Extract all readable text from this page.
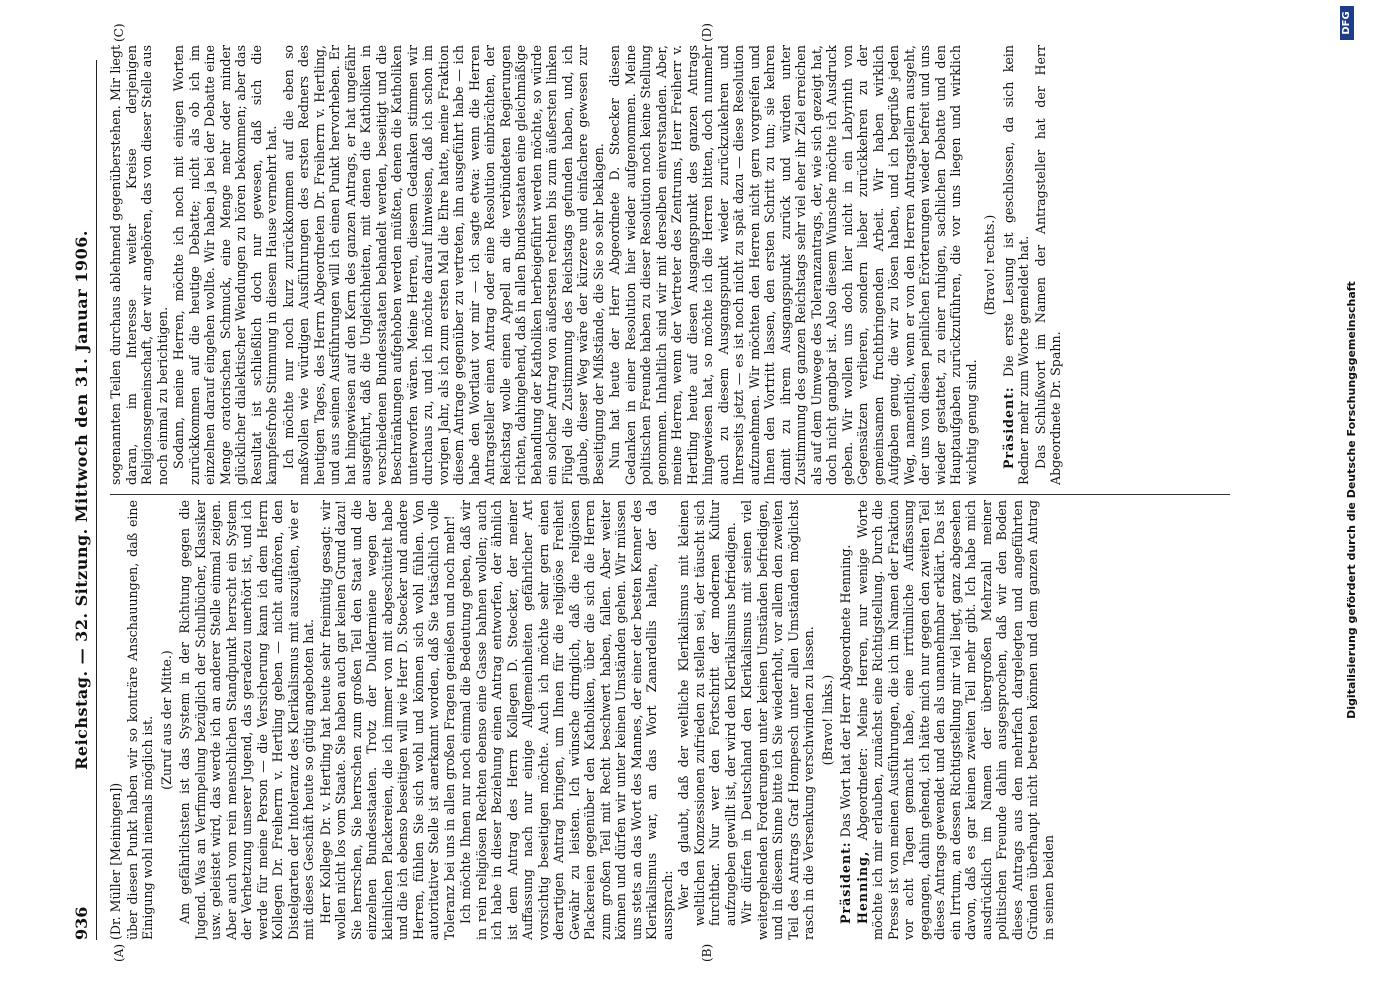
936
Reichstag. — 32. Sitzung. Mittwoch den 31. Januar 1906.
(A)	(B)
(C)	(D)

(Dr. Müller [Meiningen]) über diesen Punkt haben wir so konträre Anschauungen, daß eine Einigung wohl niemals möglich ist. (Zuruf aus der Mitte.) Am gefährlichsten ist das System in der Richtung gegen die Jugend. Was an Verfimpelung bezüglich der Schulbücher, Klassiker usw. geleistet wird, das werde ich an anderer Stelle einmal zeigen. Aber auch vom rein menschlichen Standpunkt herrscht ein System der Verhetzung unserer Jugend, das geradezu unerhört ist, und ich werde für meine Person — die Versicherung kann ich dem Herrn Kollegen Dr. Freiherrn v. Hertling geben — nicht aufhören, den Distelgarten der Intoleranz des Klerikalismus mit auszujäten, wie er mit dieses Geschäft heute so gütig angeboten hat. Herr Kollege Dr. v. Hertling hat heute sehr freimütig gesagt: wir wollen nicht los vom Staate. Sie haben auch gar keinen Grund dazu! Sie herrschen, Sie herrschen zum großen Teil den Staat und die einzelnen Bundesstaaten. Trotz der Duldermiene wegen der kleinlichen Plackereien, die ich immer von mit abgeschüttelt habe und die ich ebenso beseitigen will wie Herr D. Stoecker und andere Herren, fühlen Sie sich wohl und können sich wohl fühlen. Von autoritativer Stelle ist anerkannt worden, daß Sie tatsächlich volle Toleranz bei uns in allen großen Fragen genießen und noch mehr! Ich möchte Ihnen nur noch einmal die Bedeutung geben, daß wir in rein religiösen Rechten ebenso eine Gasse bahnen wollen; auch ich habe in dieser Beziehung einen Antrag entworfen, der ähnlich ist dem Antrag des Herrn Kollegen D. Stoecker, der meiner Auffassung nach nur einige Allgemeinheiten gefährlicher Art vorsichtig beseitigen möchte. Auch ich möchte sehr gern einen derartigen Antrag bringen, um Ihnen für die religiöse Freiheit Gewähr zu leisten. Ich wünsche dringlich, daß die religiösen Plackereien gegenüber den Katholiken, über die sich die Herren zum großen Teil mit Recht beschwert haben, fallen. Aber weiter können und dürfen wir unter keinen Umständen gehen. Wir müssen uns stets an das Wort des Mannes, der einer der besten Kenner des Klerikalismus war, an das Wort Zanardellis halten, der da aussprach: Wer da glaubt, daß der weltliche Klerikalismus mit kleinen weltlichen Konzessionen zufrieden zu stellen sei, der täuscht sich furchtbar. Nur wer den Fortschritt der modernen Kultur aufzugeben gewillt ist, der wird den Klerikalismus befriedigen. Wir dürfen in Deutschland den Klerikalismus mit seinen viel weitergehenden Forderungen unter keinen Umständen befriedigen, und in diesem Sinne bitte ich Sie wiederholt, vor allem den zweiten Teil des Antrags Graf Hompesch unter allen Umständen möglichst rasch in die Versenkung verschwinden zu lassen. (Bravo! links.)

Präsident: Das Wort hat der Herr Abgeordnete Henning.

Henning, Abgeordneter: Meine Herren, nur wenige Worte möchte ich mir erlauben, zunächst eine Richtigstellung. Durch die Presse ist von meinen Ausführungen, die ich im Namen der Fraktion vor acht Tagen gemacht habe, eine irrtümliche Auffassung gegangen, dahin gehend, ich hätte mich nur gegen den zweiten Teil dieses Antrags gewendet und den als unannehmbar erklärt. Das ist ein Irrtum, an dessen Richtigstellung mir viel liegt, ganz abgesehen davon, daß es gar keinen zweiten Teil mehr gibt. Ich habe mich ausdrücklich im Namen der übergroßen Mehrzahl meiner politischen Freunde dahin ausgesprochen, daß wir den Boden dieses Antrags aus den mehrfach dargelegten und angeführten Gründen überhaupt nicht betreten können und dem ganzen Antrag in seinen beiden

sogenannten Teilen durchaus ablehnend gegenüberstehen. Mir liegt daran, im Interesse weiter Kreise derjenigen Religionsgemeinschaft, der wir angehören, das von dieser Stelle aus noch einmal zu berichtigen. Sodann, meine Herren, möchte ich noch mit einigen Worten zurückkommen auf die heutige Debatte; nicht als ob ich im einzelnen darauf eingehen wollte. Wir haben ja bei der Debatte eine Menge oratorischen Schmuck, eine Menge mehr oder minder glücklicher dialektischer Wendungen zu hören bekommen; aber das Resultat ist schließlich doch nur gewesen, daß sich die kampfesfrohe Stimmung in diesem Hause vermehrt hat. Ich möchte nur noch kurz zurückkommen auf die eben so maßvollen wie würdigen Ausführungen des ersten Redners des heutigen Tages, des Herrn Abgeordneten Dr. Freiherrn v. Hertling, und aus seinen Ausführungen will ich einen Punkt hervorheben. Er hat hingewiesen auf den Kern des ganzen Antrags, er hat ungefähr ausgeführt, daß die Ungleichheiten, mit denen die Katholiken in verschiedenen Bundesstaaten behandelt werden, beseitigt und die Beschränkungen aufgehoben werden müßten, denen die Katholiken unterworfen wären. Meine Herren, diesem Gedanken stimmen wir durchaus zu, und ich möchte darauf hinweisen, daß ich schon im vorigen Jahr, als ich zum ersten Mal die Ehre hatte, meine Fraktion diesem Antrage gegenüber zu vertreten, ihn ausgeführt habe — ich habe den Wortlaut vor mir — ich sagte etwa: wenn die Herren Antragsteller einen Antrag oder eine Resolution einbrächten, der Reichstag wolle einen Appell an die verbündeten Regierungen richten, dahingehend, daß in allen Bundesstaaten eine gleichmäßige Behandlung der Katholiken herbeigeführt werden möchte, so würde ein solcher Antrag von äußersten rechten bis zum äußersten linken Flügel die Zustimmung des Reichstags gefunden haben, und, ich glaube, dieser Weg wäre der kürzere und einfachere gewesen zur Beseitigung der Mißstände, die Sie so sehr beklagen. Nun hat heute der Herr Abgeordnete D. Stoecker diesen Gedanken in einer Resolution hier wieder aufgenommen. Meine politischen Freunde haben zu dieser Resolution noch keine Stellung genommen. Inhaltlich sind wir mit derselben einverstanden. Aber, meine Herren, wenn der Vertreter des Zentrums, Herr Freiherr v. Hertling heute auf diesen Ausgangspunkt des ganzen Antrags hingewiesen hat, so möchte ich die Herren bitten, doch nunmehr auch zu diesem Ausgangspunkt wieder zurückzukehren und Ihrerseits jetzt — es ist noch nicht zu spät dazu — diese Resolution aufzunehmen. Wir möchten den Herren nicht gern vorgreifen und Ihnen den Vortritt lassen, den ersten Schritt zu tun; sie kehren damit zu ihrem Ausgangspunkt zurück und würden unter Zustimmung des ganzen Reichstags sehr viel eher ihr Ziel erreichen als auf dem Umwege des Toleranzantrags, der, wie sich gezeigt hat, doch nicht gangbar ist. Also diesem Wunsche möchte ich Ausdruck geben. Wir wollen uns doch hier nicht in ein Labyrinth von Gegensätzen verlieren, sondern lieber zurückkehren zu der gemeinsamen fruchtbringenden Arbeit. Wir haben wirklich Aufgaben genug, die wir zu lösen haben, und ich begrüße jeden Weg, namentlich, wenn er von den Herren Antragstellern ausgeht, der uns von diesen peinlichen Erörterungen wieder befreit und uns wieder gestattet, zu einer ruhigen, sachlichen Debatte und den Hauptaufgaben zurückzuführen, die vor uns liegen und wirklich wichtig genug sind.

(Bravo! rechts.)

Präsident: Die erste Lesung ist geschlossen, da sich kein Redner mehr zum Worte gemeldet hat. Das Schlußwort im Namen der Antragsteller hat der Herr Abgeordnete Dr. Spahn.	Digitalisierung gefördert durch die Deutsche Forschungsgemeinschaft
DFG
